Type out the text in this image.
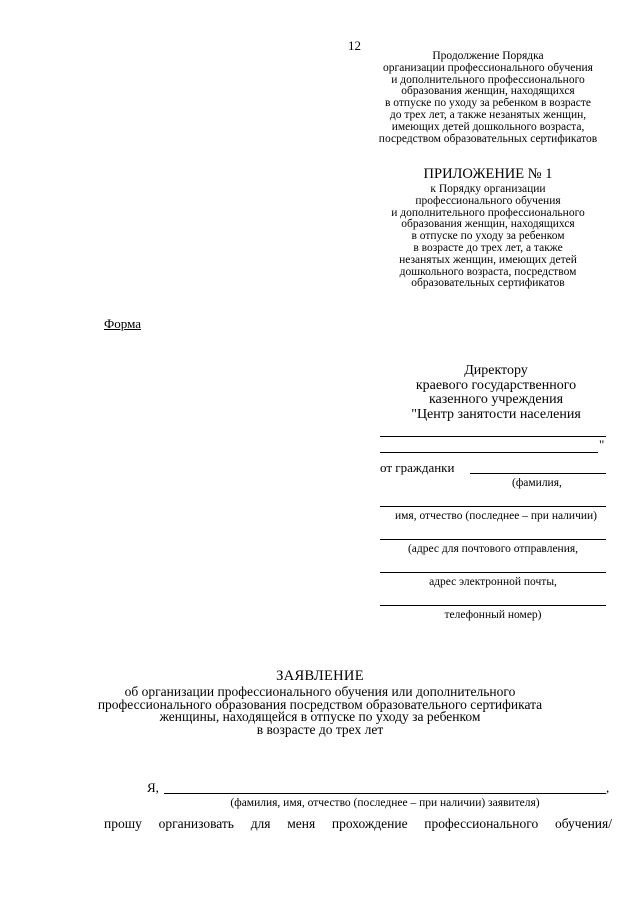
12
Продолжение Порядка
организации профессионального обучения
и дополнительного профессионального
образования женщин, находящихся
в отпуске по уходу за ребенком в возрасте
до трех лет, а также незанятых женщин,
имеющих детей дошкольного возраста,
посредством образовательных сертификатов
ПРИЛОЖЕНИЕ № 1
к Порядку организации
профессионального обучения
и дополнительного профессионального
образования женщин, находящихся
в отпуске по уходу за ребенком
в возрасте до трех лет, а также
незанятых женщин, имеющих детей
дошкольного возраста, посредством
образовательных сертификатов
Форма
Директору
краевого государственного
казенного учреждения
"Центр занятости населения
"
от гражданки
(фамилия,
имя, отчество (последнее – при наличии)
(адрес для почтового отправления,
адрес электронной почты,
телефонный номер)
ЗАЯВЛЕНИЕ
об организации профессионального обучения или дополнительного
профессионального образования посредством образовательного сертификата
женщины, находящейся в отпуске по уходу за ребенком
в возрасте до трех лет
Я,	,
(фамилия, имя, отчество (последнее – при наличии) заявителя)
прошу организовать для меня прохождение профессионального обучения/
